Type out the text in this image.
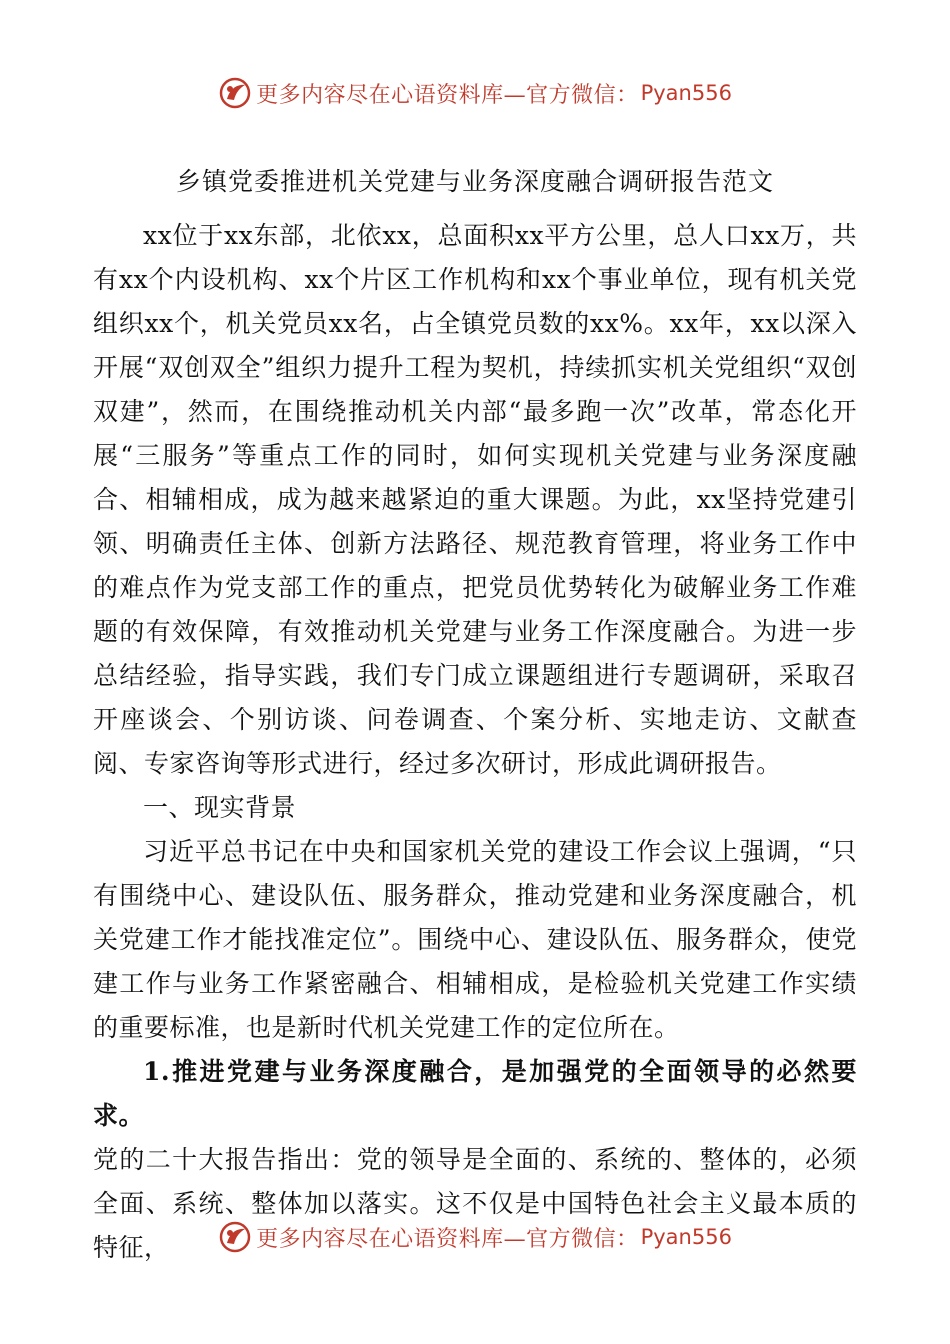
更多内容尽在心语资料库—官方微信： Pyan556
乡镇党委推进机关党建与业务深度融合调研报告范文

xx位于xx东部，北依xx，总面积xx平方公里，总人口xx万，共有xx个内设机构、xx个片区工作机构和xx个事业单位，现有机关党组织xx个，机关党员xx名，占全镇党员数的xx%。xx年，xx以深入开展“双创双全”组织力提升工程为契机，持续抓实机关党组织“双创双建”，然而，在围绕推动机关内部“最多跑一次”改革，常态化开展“三服务”等重点工作的同时，如何实现机关党建与业务深度融合、相辅相成，成为越来越紧迫的重大课题。为此，xx坚持党建引领、明确责任主体、创新方法路径、规范教育管理，将业务工作中的难点作为党支部工作的重点，把党员优势转化为破解业务工作难题的有效保障，有效推动机关党建与业务工作深度融合。为进一步总结经验，指导实践，我们专门成立课题组进行专题调研，采取召开座谈会、个别访谈、问卷调查、个案分析、实地走访、文献查阅、专家咨询等形式进行，经过多次研讨，形成此调研报告。

一、现实背景

习近平总书记在中央和国家机关党的建设工作会议上强调，“只有围绕中心、建设队伍、服务群众，推动党建和业务深度融合，机关党建工作才能找准定位”。围绕中心、建设队伍、服务群众，使党建工作与业务工作紧密融合、相辅相成，是检验机关党建工作实绩的重要标准，也是新时代机关党建工作的定位所在。

1.推进党建与业务深度融合，是加强党的全面领导的必然要求。

党的二十大报告指出：党的领导是全面的、系统的、整体的，必须全面、系统、整体加以落实。这不仅是中国特色社会主义最本质的特征，	更多内容尽在心语资料库—官方微信： Pyan556
